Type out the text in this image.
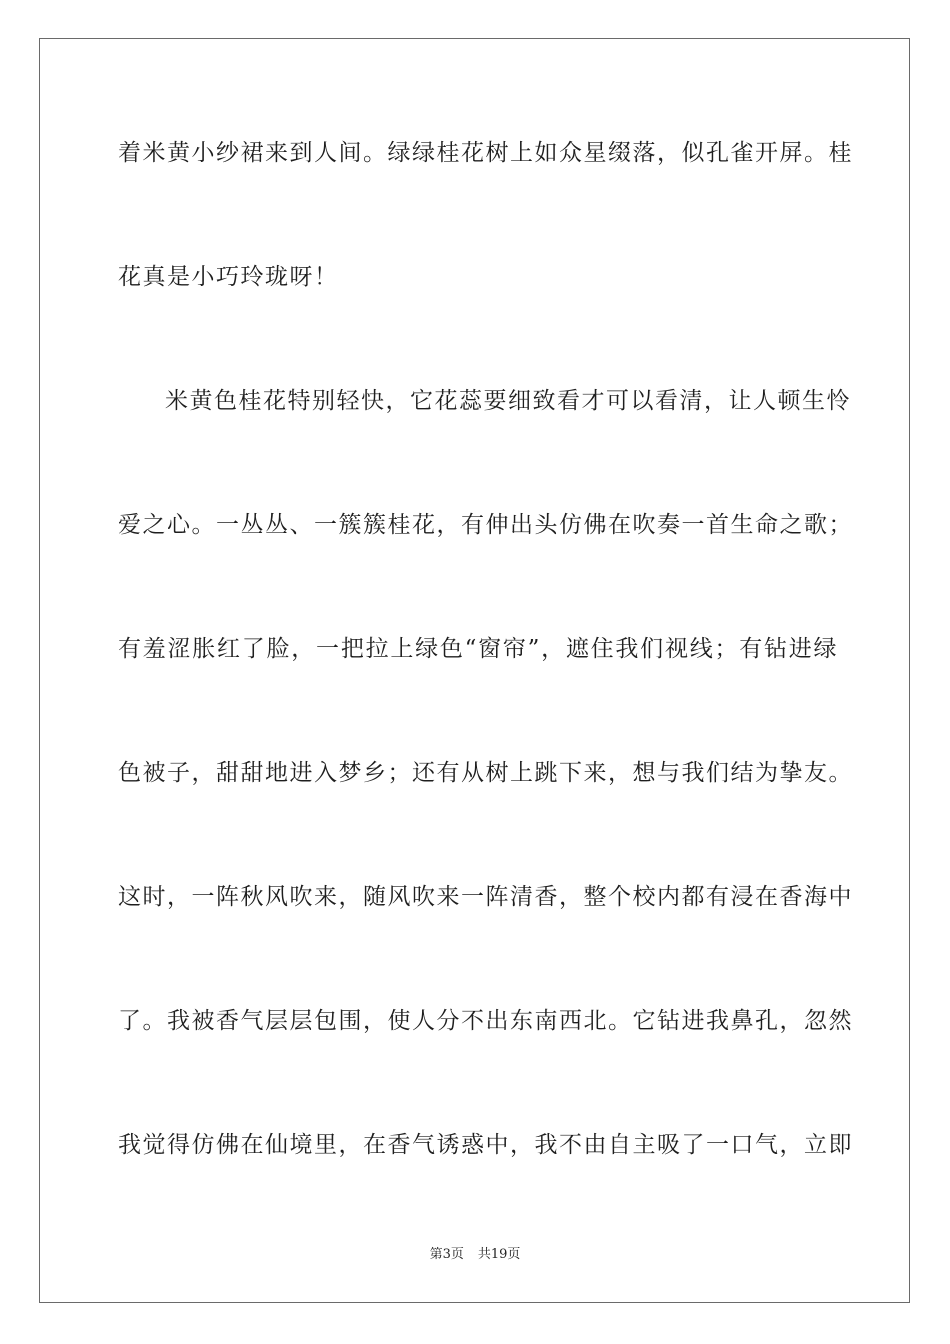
着米黄小纱裙来到人间。绿绿桂花树上如众星缀落，似孔雀开屏。桂
花真是小巧玲珑呀！
米黄色桂花特别轻快，它花蕊要细致看才可以看清，让人顿生怜
爱之心。一丛丛、一簇簇桂花，有伸出头仿佛在吹奏一首生命之歌；
有羞涩胀红了脸，一把拉上绿色“窗帘”，遮住我们视线；有钻进绿
色被子，甜甜地进入梦乡；还有从树上跳下来，想与我们结为挚友。
这时，一阵秋风吹来，随风吹来一阵清香，整个校内都有浸在香海中
了。我被香气层层包围，使人分不出东南西北。它钻进我鼻孔，忽然
我觉得仿佛在仙境里，在香气诱惑中，我不由自主吸了一口气，立即
第3页 共19页
